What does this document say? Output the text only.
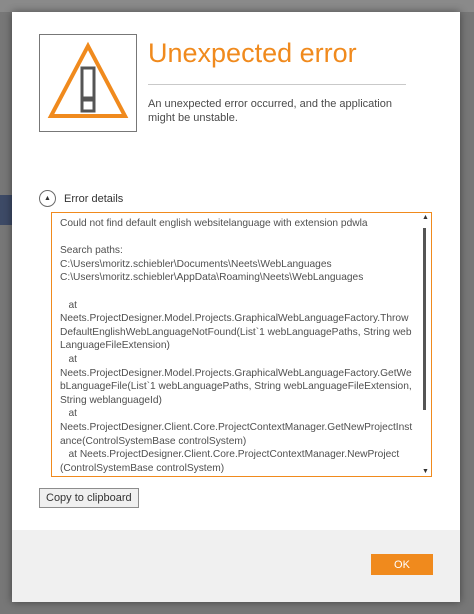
Unexpected error
An unexpected error occurred, and the application might be unstable.
▲	Error details
Could not find default english websitelanguage with extension pdwla

Search paths:
C:\Users\moritz.schiebler\Documents\Neets\WebLanguages
C:\Users\moritz.schiebler\AppData\Roaming\Neets\WebLanguages

at
Neets.ProjectDesigner.Model.Projects.GraphicalWebLanguageFactory.ThrowDefaultEnglishWebLanguageNotFound(List`1 webLanguagePaths, String webLanguageFileExtension)
at
Neets.ProjectDesigner.Model.Projects.GraphicalWebLanguageFactory.GetWebLanguageFile(List`1 webLanguagePaths, String webLanguageFileExtension, String weblanguageId)
at
Neets.ProjectDesigner.Client.Core.ProjectContextManager.GetNewProjectInstance(ControlSystemBase controlSystem)
at Neets.ProjectDesigner.Client.Core.ProjectContextManager.NewProject
(ControlSystemBase controlSystem)
▲
▼
Copy to clipboard
OK
